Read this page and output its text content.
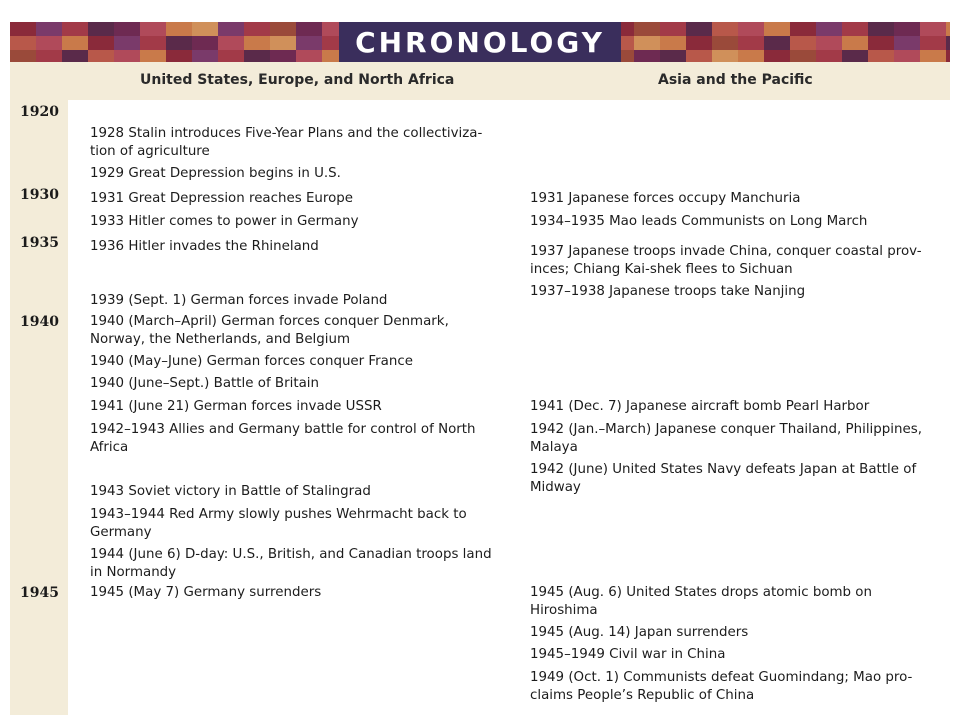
CHRONOLOGY
United States, Europe, and North Africa	Asia and the Pacific
1920
1930
1935
1940
1945
1928 Stalin introduces Five-Year Plans and the collectiviza-
tion of agriculture
1929 Great Depression begins in U.S.
1931 Great Depression reaches Europe
1933 Hitler comes to power in Germany
1936 Hitler invades the Rhineland
1939 (Sept. 1) German forces invade Poland
1940 (March–April) German forces conquer Denmark,
Norway, the Netherlands, and Belgium
1940 (May–June) German forces conquer France
1940 (June–Sept.) Battle of Britain
1941 (June 21) German forces invade USSR
1942–1943 Allies and Germany battle for control of North
Africa
1943 Soviet victory in Battle of Stalingrad
1943–1944 Red Army slowly pushes Wehrmacht back to
Germany
1944 (June 6) D-day: U.S., British, and Canadian troops land
in Normandy
1945 (May 7) Germany surrenders
1931 Japanese forces occupy Manchuria
1934–1935 Mao leads Communists on Long March
1937 Japanese troops invade China, conquer coastal prov-
inces; Chiang Kai-shek flees to Sichuan
1937–1938 Japanese troops take Nanjing
1941 (Dec. 7) Japanese aircraft bomb Pearl Harbor
1942 (Jan.–March) Japanese conquer Thailand, Philippines,
Malaya
1942 (June) United States Navy defeats Japan at Battle of
Midway
1945 (Aug. 6) United States drops atomic bomb on
Hiroshima
1945 (Aug. 14) Japan surrenders
1945–1949 Civil war in China
1949 (Oct. 1) Communists defeat Guomindang; Mao pro-
claims People’s Republic of China
